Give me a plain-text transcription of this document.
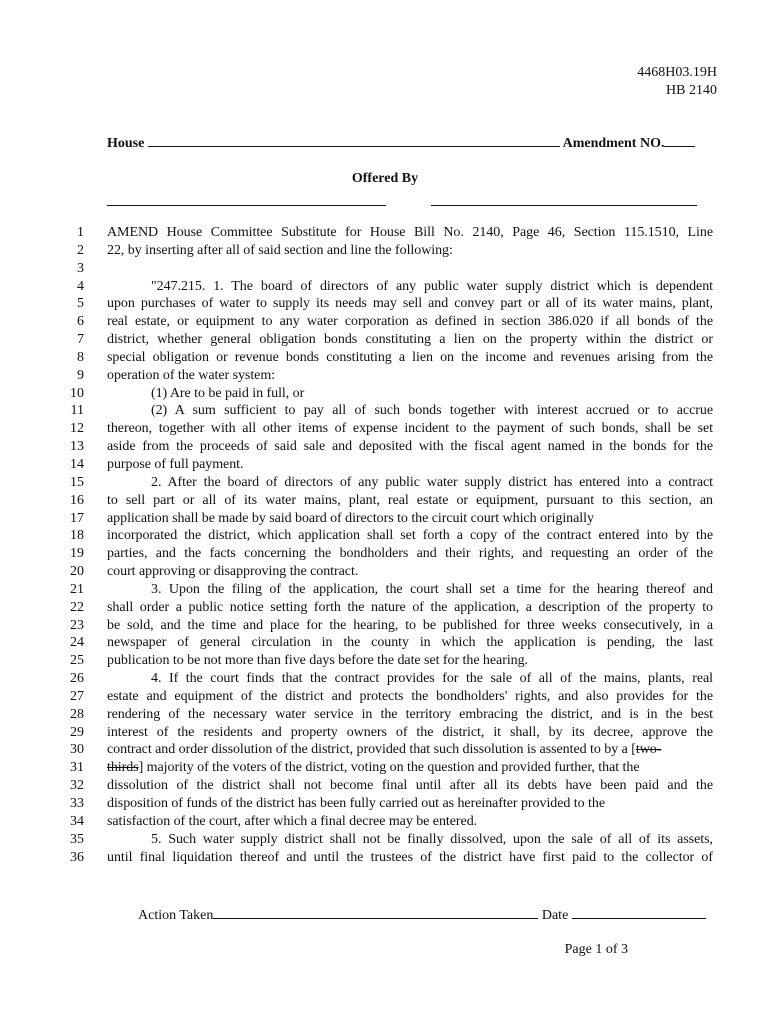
4468H03.19H
HB 2140
House	Amendment NO.
Offered By
1 AMEND House Committee Substitute for House Bill No. 2140, Page 46, Section 115.1510, Line
2 22, by inserting after all of said section and line the following:
3
4	"247.215. 1. The board of directors of any public water supply district which is dependent
5 upon purchases of water to supply its needs may sell and convey part or all of its water mains, plant,
6 real estate, or equipment to any water corporation as defined in section 386.020 if all bonds of the
7 district, whether general obligation bonds constituting a lien on the property within the district or
8 special obligation or revenue bonds constituting a lien on the income and revenues arising from the
9 operation of the water system:
10	(1) Are to be paid in full, or
11	(2) A sum sufficient to pay all of such bonds together with interest accrued or to accrue
12 thereon, together with all other items of expense incident to the payment of such bonds, shall be set
13 aside from the proceeds of said sale and deposited with the fiscal agent named in the bonds for the
14 purpose of full payment.
15	2. After the board of directors of any public water supply district has entered into a contract
16 to sell part or all of its water mains, plant, real estate or equipment, pursuant to this section, an
17 application shall be made by said board of directors to the circuit court which originally
18 incorporated the district, which application shall set forth a copy of the contract entered into by the
19 parties, and the facts concerning the bondholders and their rights, and requesting an order of the
20 court approving or disapproving the contract.
21	3. Upon the filing of the application, the court shall set a time for the hearing thereof and
22 shall order a public notice setting forth the nature of the application, a description of the property to
23 be sold, and the time and place for the hearing, to be published for three weeks consecutively, in a
24 newspaper of general circulation in the county in which the application is pending, the last
25 publication to be not more than five days before the date set for the hearing.
26	4. If the court finds that the contract provides for the sale of all of the mains, plants, real
27 estate and equipment of the district and protects the bondholders' rights, and also provides for the
28 rendering of the necessary water service in the territory embracing the district, and is in the best
29 interest of the residents and property owners of the district, it shall, by its decree, approve the
30 contract and order dissolution of the district, provided that such dissolution is assented to by a [two-
31 thirds] majority of the voters of the district, voting on the question and provided further, that the
32 dissolution of the district shall not become final until after all its debts have been paid and the
33 disposition of funds of the district has been fully carried out as hereinafter provided to the
34 satisfaction of the court, after which a final decree may be entered.
35	5. Such water supply district shall not be finally dissolved, upon the sale of all of its assets,
36 until final liquidation thereof and until the trustees of the district have first paid to the collector of
Action Taken	Date
Page 1 of 3
